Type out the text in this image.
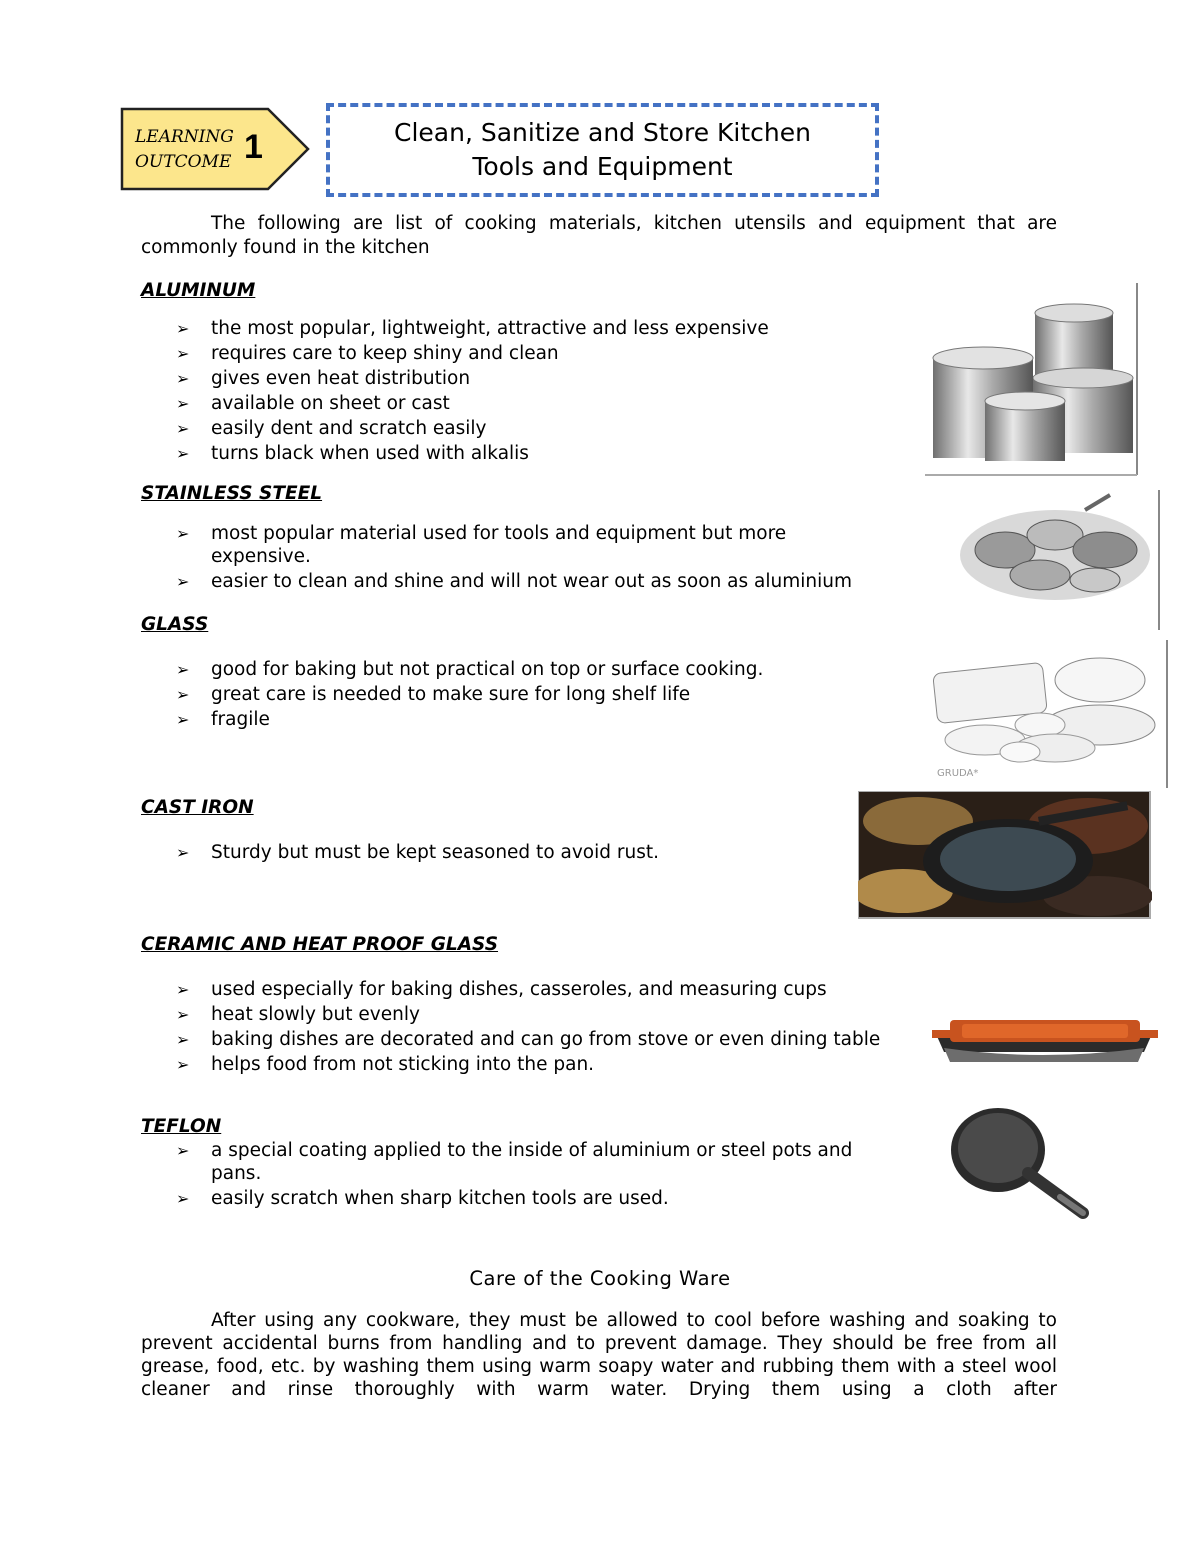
LEARNING
OUTCOME 1	Clean, Sanitize and Store Kitchen
Tools and Equipment
The following are list of cooking materials, kitchen utensils and equipment that are
commonly found in the kitchen
ALUMINUM
➢ the most popular, lightweight, attractive and less expensive
➢ requires care to keep shiny and clean
➢ gives even heat distribution
➢ available on sheet or cast
➢ easily dent and scratch easily
➢ turns black when used with alkalis
STAINLESS STEEL
➢ most popular material used for tools and equipment but more expensive.
➢ easier to clean and shine and will not wear out as soon as aluminium
GLASS
➢ good for baking but not practical on top or surface cooking.
➢ great care is needed to make sure for long shelf life
➢ fragile
GRUDA*
CAST IRON
➢ Sturdy but must be kept seasoned to avoid rust.
CERAMIC AND HEAT PROOF GLASS
➢ used especially for baking dishes, casseroles, and measuring cups
➢ heat slowly but evenly
➢ baking dishes are decorated and can go from stove or even dining table
➢ helps food from not sticking into the pan.
TEFLON
➢ a special coating applied to the inside of aluminium or steel pots and pans.
➢ easily scratch when sharp kitchen tools are used.
Care of the Cooking Ware
After using any cookware, they must be allowed to cool before washing and soaking to prevent accidental burns from handling and to prevent damage. They should be free from all grease, food, etc. by washing them using warm soapy water and rubbing them with a steel wool cleaner and rinse thoroughly with warm water. Drying them using a cloth after
